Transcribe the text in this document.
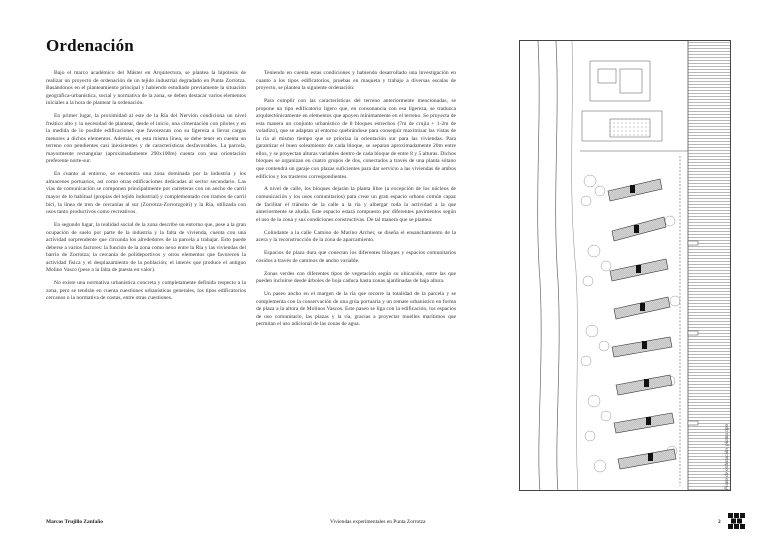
Ordenación

Bajo el marco académico del Máster en Arquitectura, se plantea la hipótesis de realizar un proyecto de ordenación de un tejido industrial degradado en Punta Zorrotza. Basándonos en el planteamiento principal y habiendo estudiado previamente la situación geográfica-urbanística, social y normativa de la zona, se deben destacar varios elementos iniciales a la hora de plantear la ordenación.

En primer lugar, la proximidad al este de la Ría del Nervión condiciona un nivel freático alto y la necesidad de plantear, desde el inicio, una cimentación con pilotes y en la medida de lo posible edificaciones que favorezcan con su ligereza a llevar cargas menores a dichos elementos. Además, en esta misma línea, se debe tener en cuenta un terreno con pendientes casi inexistentes y de características desfavorables. La parcela, mayormente rectangular (aproximadamente 290x100m) cuenta con una orientación preferente norte-sur.

En cuanto al entorno, se encuentra una zona dominada por la industria y los almacenes portuarios, así como otras edificaciones dedicadas al sector secundario. Las vías de comunicación se componen principalmente por carreteras con un ancho de carril mayor de lo habitual (propias del tejido industrial) y complementado con tramos de carril bici, la línea de tren de cercanías al sur (Zorrotza-Zorrotzgoiti) y la Ría, utilizada con usos tanto productivos como recreativos.

En segundo lugar, la realidad social de la zona describe un entorno que, pese a la gran ocupación de suelo por parte de la industria y la falta de vivienda, cuenta con una actividad sorprendente que circunda los alrededores de la parcela a trabajar. Esto puede deberse a varios factores: la función de la zona como nexo entre la Ría y las viviendas del barrio de Zorrotza; la cercanía de polideportivos y otros elementos que favorecen la actividad física y el desplazamiento de la población; el interés que produce el antiguo Molino Vasco (pese a la falta de puesta en valor).

No existe una normativa urbanística concreta y completamente definida respecto a la zona, pero se tendrán en cuenta cuestiones urbanísticas generales, los tipos edificatorios cercanos o la normativa de costas, entre otras cuestiones.

Teniendo en cuenta estas condiciones y habiendo desarrollado una investigación en cuanto a los tipos edificatorios, pruebas en maqueta y trabajo a diversas escalas de proyecto, se plantea la siguiente ordenación:

Para cumplir con las características del terreno anteriormente mencionadas, se propone un tipo edificatorio ligero que, en consonancia con esa ligereza, se traduzca arquitectónicamente en elementos que apoyen mínimamente en el terreno. Se proyecta de esta manera un conjunto urbanístico de 8 bloques estrechos (7m de crujía + 1-2m de voladizo), que se adaptan al entorno quebrándose para conseguir maximizar las vistas de la ría al mismo tiempo que se prioriza la orientación sur para las viviendas. Para garantizar el buen soleamiento de cada bloque, se separan aproximadamente 20m entre ellos, y se proyectan alturas variables dentro de cada bloque de entre 8 y 5 alturas. Dichos bloques se organizan en cuatro grupos de dos, conectados a través de una planta sótano que contendrá un garaje con plazas suficientes para dar servicio a las viviendas de ambos edificios y los trasteros correspondientes.

A nivel de calle, los bloques dejarán la planta libre (a excepción de los núcleos de comunicación y los usos comunitarios) para crear un gran espacio urbano común capaz de facilitar el tránsito de la calle a la ría y albergar toda la actividad a la que anteriormente se aludía. Este espacio estará compuesto por diferentes pavimentos según el uso de la zona y sus condiciones constructivas. De tal manera que se plantea:

Colindante a la calle Camino de Marino Archer, se diseña el ensanchamiento de la acera y la reconstrucción de la zona de aparcamiento.

Espacios de plaza dura que conectan los diferentes bloques y espacios comunitarios cosidos a través de caminos de ancho variable.

Zonas verdes con diferentes tipos de vegetación según su ubicación, entre las que pueden incluirse desde árboles de hoja caduca hasta zonas ajardinadas de baja altura.

Un paseo ancho en el margen de la ría que recorre la totalidad de la parcela y se complementa con la conservación de una grúa portuaria y un remate urbanístico en forma de plaza a la altura de Molinos Vascos. Este paseo se liga con la edificación, los espacios de uso comunitario, las plazas y la ría, gracias a proyectar muelles marítimos que permitan el uso adicional de las zonas de agua.

Plano de ordenación, planta tipo
Marcos Trujillo Zanfaño	Viviendas experimentales en Punta Zorrotza	2
